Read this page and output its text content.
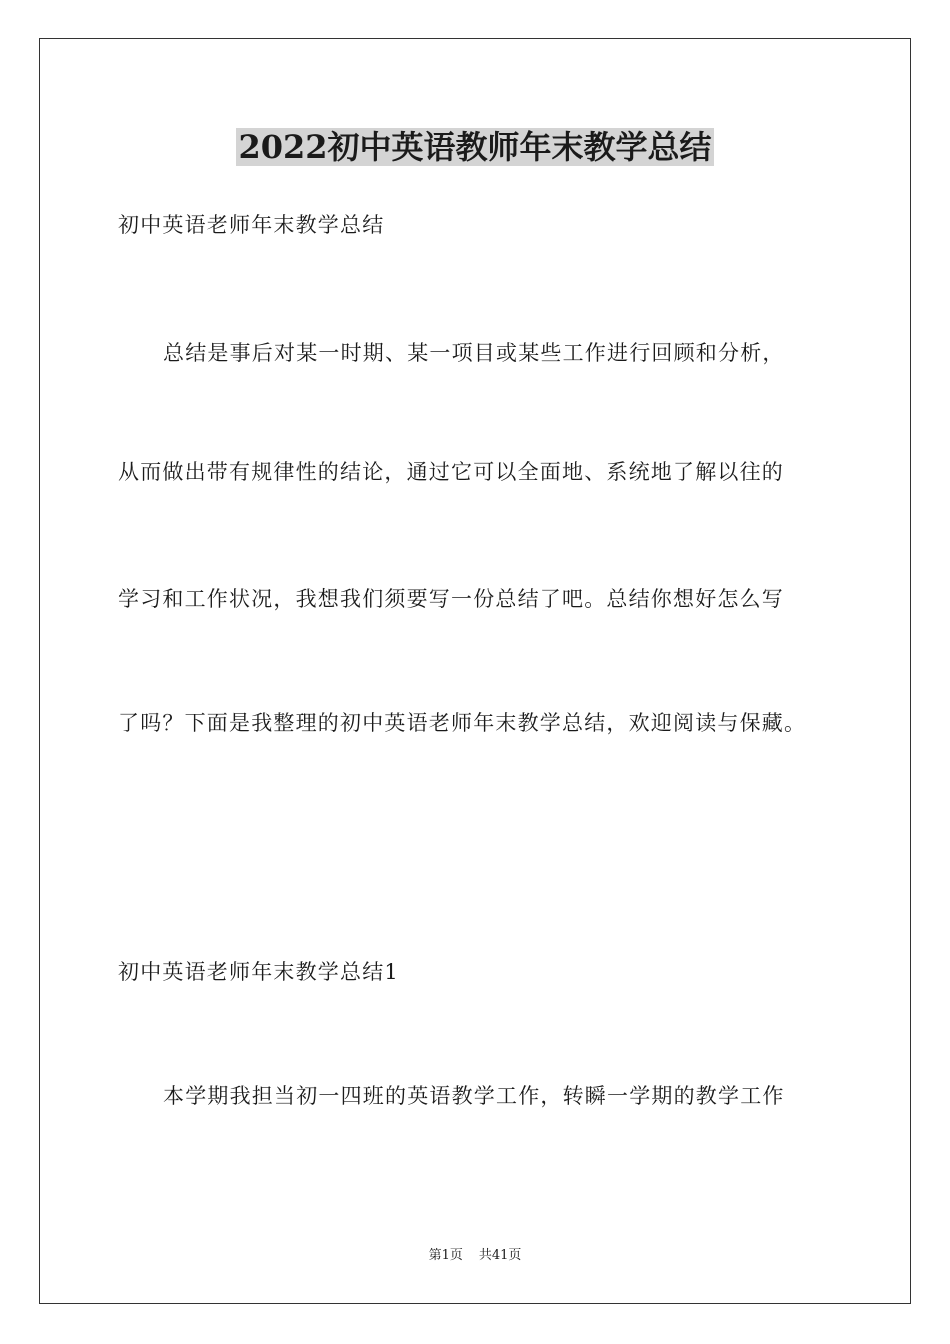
2022初中英语教师年末教学总结
初中英语老师年末教学总结
总结是事后对某一时期、某一项目或某些工作进行回顾和分析，
从而做出带有规律性的结论，通过它可以全面地、系统地了解以往的
学习和工作状况，我想我们须要写一份总结了吧。总结你想好怎么写
了吗？下面是我整理的初中英语老师年末教学总结，欢迎阅读与保藏。
初中英语老师年末教学总结1
本学期我担当初一四班的英语教学工作，转瞬一学期的教学工作
第1页 共41页
